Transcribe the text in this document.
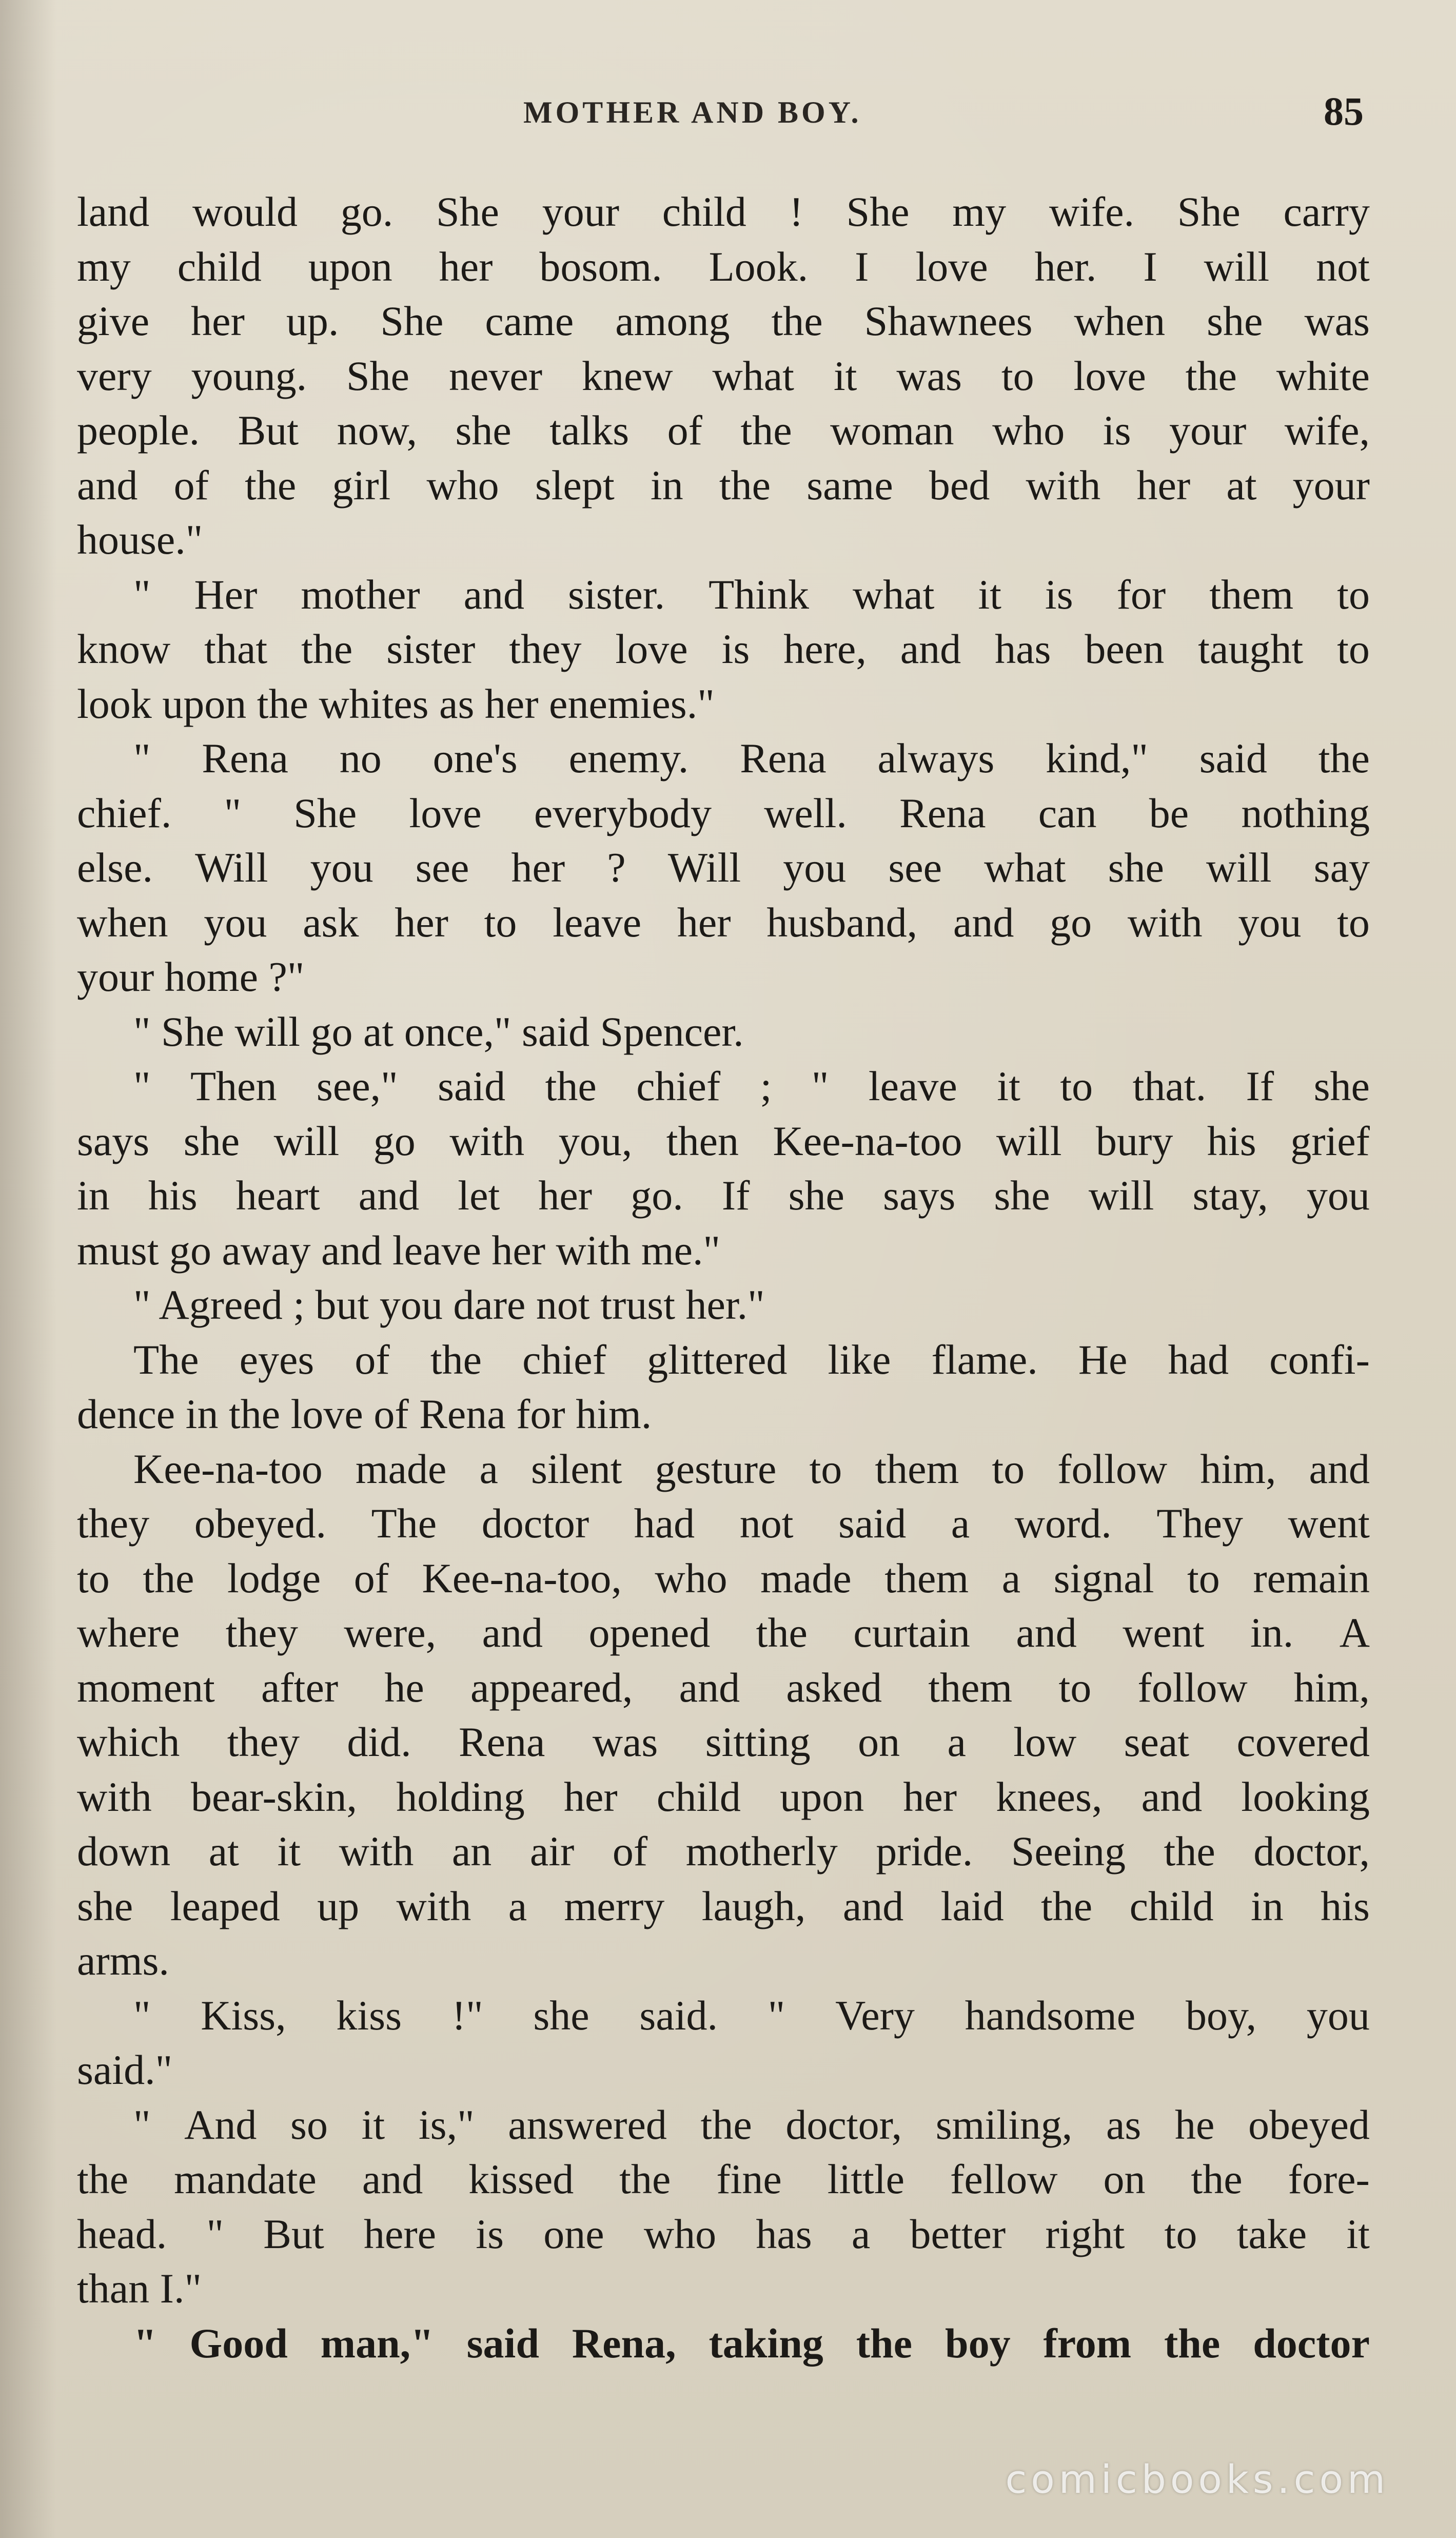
MOTHER AND BOY.	85
land would go. She your child ! She my wife. She carry
my child upon her bosom. Look. I love her. I will not
give her up. She came among the Shawnees when she was
very young. She never knew what it was to love the white
people. But now, she talks of the woman who is your wife,
and of the girl who slept in the same bed with her at your
house."
" Her mother and sister. Think what it is for them to
know that the sister they love is here, and has been taught to
look upon the whites as her enemies."
" Rena no one's enemy. Rena always kind," said the
chief. " She love everybody well. Rena can be nothing
else. Will you see her ? Will you see what she will say
when you ask her to leave her husband, and go with you to
your home ?"
" She will go at once," said Spencer.
" Then see," said the chief ; " leave it to that. If she
says she will go with you, then Kee-na-too will bury his grief
in his heart and let her go. If she says she will stay, you
must go away and leave her with me."
" Agreed ; but you dare not trust her."
The eyes of the chief glittered like flame. He had confi-
dence in the love of Rena for him.
Kee-na-too made a silent gesture to them to follow him, and
they obeyed. The doctor had not said a word. They went
to the lodge of Kee-na-too, who made them a signal to remain
where they were, and opened the curtain and went in. A
moment after he appeared, and asked them to follow him,
which they did. Rena was sitting on a low seat covered
with bear-skin, holding her child upon her knees, and looking
down at it with an air of motherly pride. Seeing the doctor,
she leaped up with a merry laugh, and laid the child in his
arms.
" Kiss, kiss !" she said. " Very handsome boy, you
said."
" And so it is," answered the doctor, smiling, as he obeyed
the mandate and kissed the fine little fellow on the fore-
head. " But here is one who has a better right to take it
than I."
" Good man," said Rena, taking the boy from the doctor
comicbooks.com
